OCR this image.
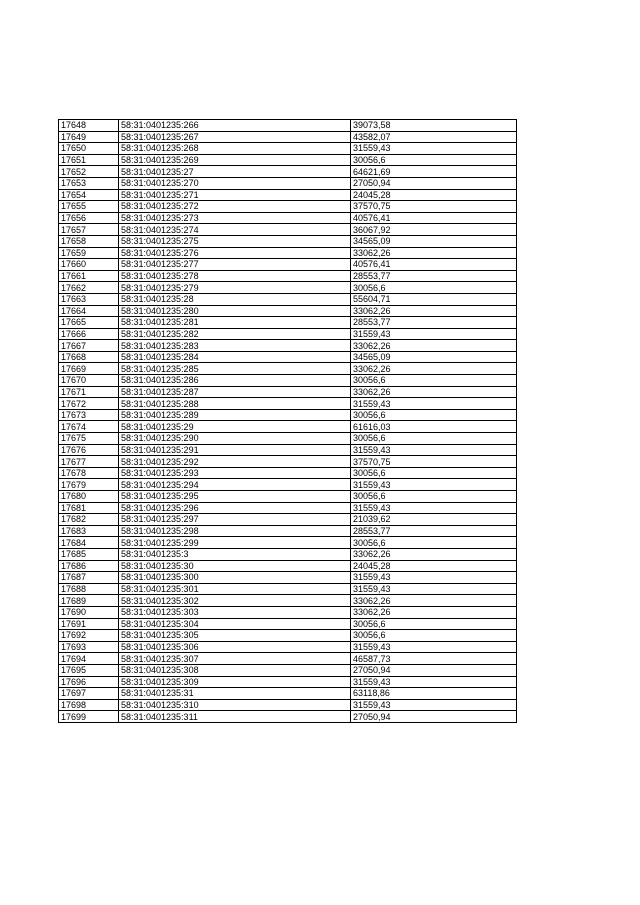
17648	58:31:0401235:266	39073,58
17649	58:31:0401235:267	43582,07
17650	58:31:0401235:268	31559,43
17651	58:31:0401235:269	30056,6
17652	58:31:0401235:27	64621,69
17653	58:31:0401235:270	27050,94
17654	58:31:0401235:271	24045,28
17655	58:31:0401235:272	37570,75
17656	58:31:0401235:273	40576,41
17657	58:31:0401235:274	36067,92
17658	58:31:0401235:275	34565,09
17659	58:31:0401235:276	33062,26
17660	58:31:0401235:277	40576,41
17661	58:31:0401235:278	28553,77
17662	58:31:0401235:279	30056,6
17663	58:31:0401235:28	55604,71
17664	58:31:0401235:280	33062,26
17665	58:31:0401235:281	28553,77
17666	58:31:0401235:282	31559,43
17667	58:31:0401235:283	33062,26
17668	58:31:0401235:284	34565,09
17669	58:31:0401235:285	33062,26
17670	58:31:0401235:286	30056,6
17671	58:31:0401235:287	33062,26
17672	58:31:0401235:288	31559,43
17673	58:31:0401235:289	30056,6
17674	58:31:0401235:29	61616,03
17675	58:31:0401235:290	30056,6
17676	58:31:0401235:291	31559,43
17677	58:31:0401235:292	37570,75
17678	58:31:0401235:293	30056,6
17679	58:31:0401235:294	31559,43
17680	58:31:0401235:295	30056,6
17681	58:31:0401235:296	31559,43
17682	58:31:0401235:297	21039,62
17683	58:31:0401235:298	28553,77
17684	58:31:0401235:299	30056,6
17685	58:31:0401235:3	33062,26
17686	58:31:0401235:30	24045,28
17687	58:31:0401235:300	31559,43
17688	58:31:0401235:301	31559,43
17689	58:31:0401235:302	33062,26
17690	58:31:0401235:303	33062,26
17691	58:31:0401235:304	30056,6
17692	58:31:0401235:305	30056,6
17693	58:31:0401235:306	31559,43
17694	58:31:0401235:307	46587,73
17695	58:31:0401235:308	27050,94
17696	58:31:0401235:309	31559,43
17697	58:31:0401235:31	63118,86
17698	58:31:0401235:310	31559,43
17699	58:31:0401235:311	27050,94
